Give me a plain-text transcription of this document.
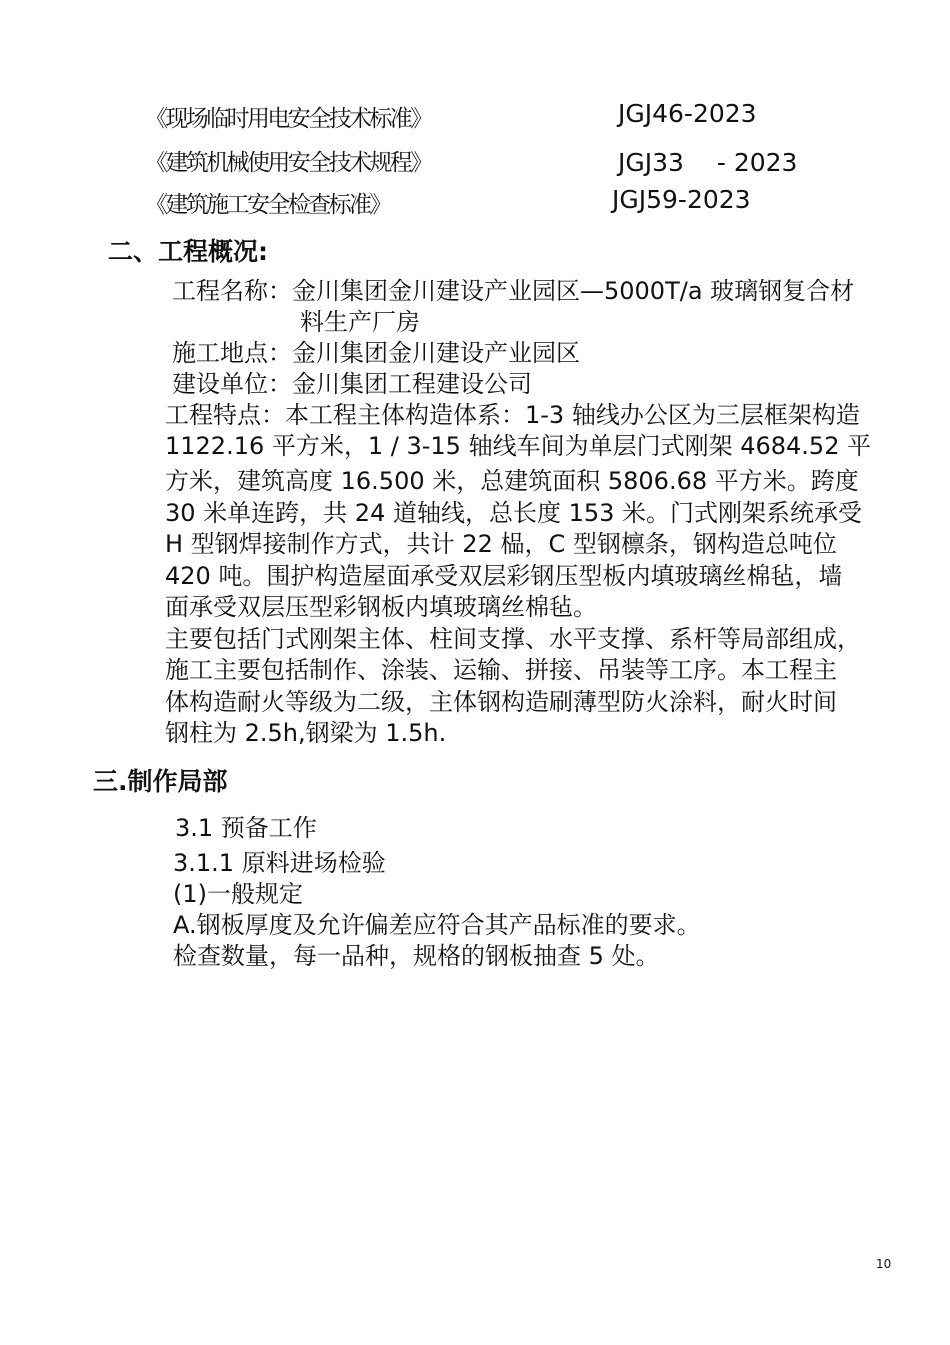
《现场临时用电安全技术标准》	JGJ46-2023
《建筑机械使用安全技术规程》	JGJ33　 - 2023
《建筑施工安全检查标准》	JGJ59-2023
二、工程概况:
工程名称：金川集团金川建设产业园区—5000T/a 玻璃钢复合材
料生产厂房
施工地点：金川集团金川建设产业园区
建设单位：金川集团工程建设公司
工程特点：本工程主体构造体系：1-3 轴线办公区为三层框架构造
1122.16 平方米，1 / 3-15 轴线车间为单层门式刚架 4684.52 平
方米，建筑高度 16.500 米，总建筑面积 5806.68 平方米。跨度
30 米单连跨，共 24 道轴线，总长度 153 米。门式刚架系统承受
H 型钢焊接制作方式，共计 22 榀，C 型钢檩条，钢构造总吨位
420 吨。围护构造屋面承受双层彩钢压型板内填玻璃丝棉毡，墙
面承受双层压型彩钢板内填玻璃丝棉毡。
主要包括门式刚架主体、柱间支撑、水平支撑、系杆等局部组成，
施工主要包括制作、涂装、运输、拼接、吊装等工序。本工程主
体构造耐火等级为二级，主体钢构造刷薄型防火涂料，耐火时间
钢柱为 2.5h,钢梁为 1.5h.
三.制作局部
3.1 预备工作
3.1.1 原料进场检验
(1)一般规定
A.钢板厚度及允许偏差应符合其产品标准的要求。
检查数量，每一品种，规格的钢板抽查 5 处。
10
